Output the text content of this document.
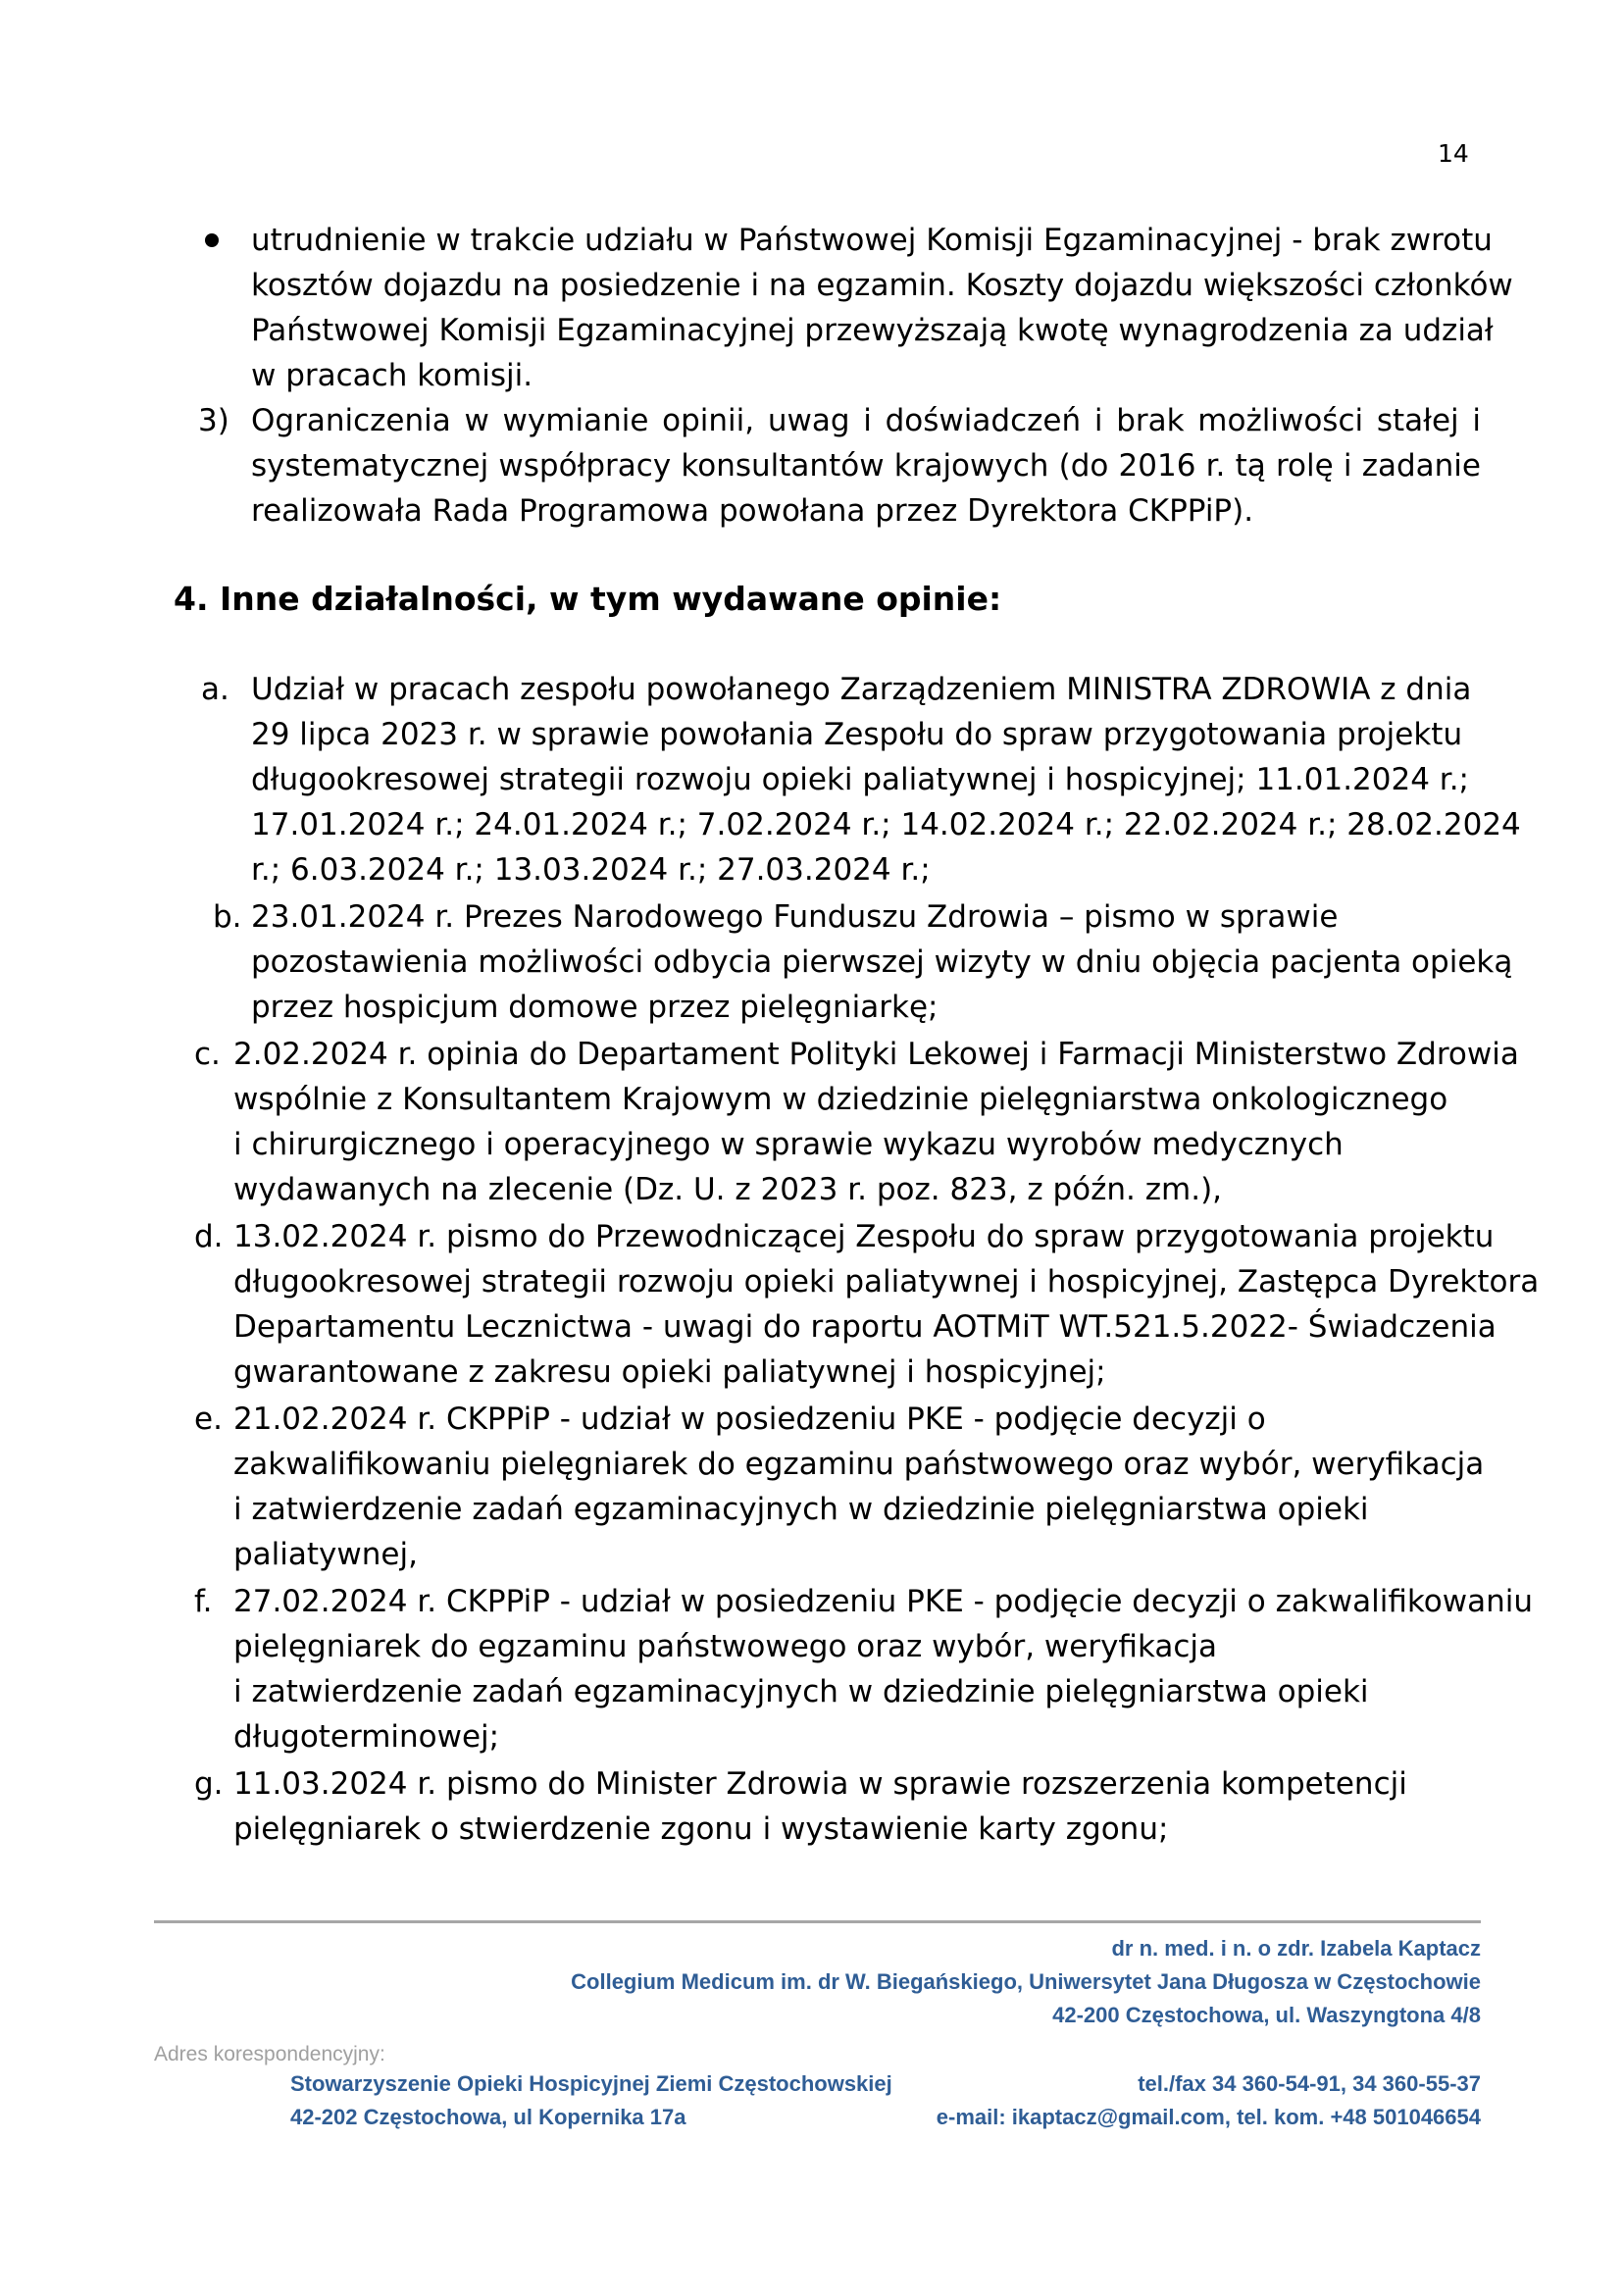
14
utrudnienie w trakcie udziału w Państwowej Komisji Egzaminacyjnej - brak zwrotu
kosztów dojazdu na posiedzenie i na egzamin. Koszty dojazdu większości członków
Państwowej Komisji Egzaminacyjnej przewyższają kwotę wynagrodzenia za udział
w pracach komisji.
3) Ograniczenia w wymianie opinii, uwag i doświadczeń i brak możliwości stałej i
systematycznej współpracy konsultantów krajowych (do 2016 r. tą rolę i zadanie
realizowała Rada Programowa powołana przez Dyrektora CKPPiP).
4. Inne działalności, w tym wydawane opinie:
a. Udział w pracach zespołu powołanego Zarządzeniem MINISTRA ZDROWIA z dnia
29 lipca 2023 r. w sprawie powołania Zespołu do spraw przygotowania projektu
długookresowej strategii rozwoju opieki paliatywnej i hospicyjnej; 11.01.2024 r.;
17.01.2024 r.; 24.01.2024 r.; 7.02.2024 r.; 14.02.2024 r.; 22.02.2024 r.; 28.02.2024
r.; 6.03.2024 r.; 13.03.2024 r.; 27.03.2024 r.;
b. 23.01.2024 r. Prezes Narodowego Funduszu Zdrowia – pismo w sprawie
pozostawienia możliwości odbycia pierwszej wizyty w dniu objęcia pacjenta opieką
przez hospicjum domowe przez pielęgniarkę;
c. 2.02.2024 r. opinia do Departament Polityki Lekowej i Farmacji Ministerstwo Zdrowia
wspólnie z Konsultantem Krajowym w dziedzinie pielęgniarstwa onkologicznego
i chirurgicznego i operacyjnego w sprawie wykazu wyrobów medycznych
wydawanych na zlecenie (Dz. U. z 2023 r. poz. 823, z późn. zm.),
d. 13.02.2024 r. pismo do Przewodniczącej Zespołu do spraw przygotowania projektu
długookresowej strategii rozwoju opieki paliatywnej i hospicyjnej, Zastępca Dyrektora
Departamentu Lecznictwa - uwagi do raportu AOTMiT WT.521.5.2022- Świadczenia
gwarantowane z zakresu opieki paliatywnej i hospicyjnej;
e. 21.02.2024 r. CKPPiP - udział w posiedzeniu PKE - podjęcie decyzji o
zakwalifikowaniu pielęgniarek do egzaminu państwowego oraz wybór, weryfikacja
i zatwierdzenie zadań egzaminacyjnych w dziedzinie pielęgniarstwa opieki
paliatywnej,
f. 27.02.2024 r. CKPPiP - udział w posiedzeniu PKE - podjęcie decyzji o zakwalifikowaniu
pielęgniarek do egzaminu państwowego oraz wybór, weryfikacja
i zatwierdzenie zadań egzaminacyjnych w dziedzinie pielęgniarstwa opieki
długoterminowej;
g. 11.03.2024 r. pismo do Minister Zdrowia w sprawie rozszerzenia kompetencji
pielęgniarek o stwierdzenie zgonu i wystawienie karty zgonu;
dr n. med. i n. o zdr. Izabela Kaptacz
Collegium Medicum im. dr W. Biegańskiego, Uniwersytet Jana Długosza w Częstochowie
42-200 Częstochowa, ul. Waszyngtona 4/8
Adres korespondencyjny:
Stowarzyszenie Opieki Hospicyjnej Ziemi Częstochowskiej	tel./fax 34 360-54-91, 34 360-55-37
42-202 Częstochowa, ul Kopernika 17a	e-mail: ikaptacz@gmail.com, tel. kom. +48 501046654
